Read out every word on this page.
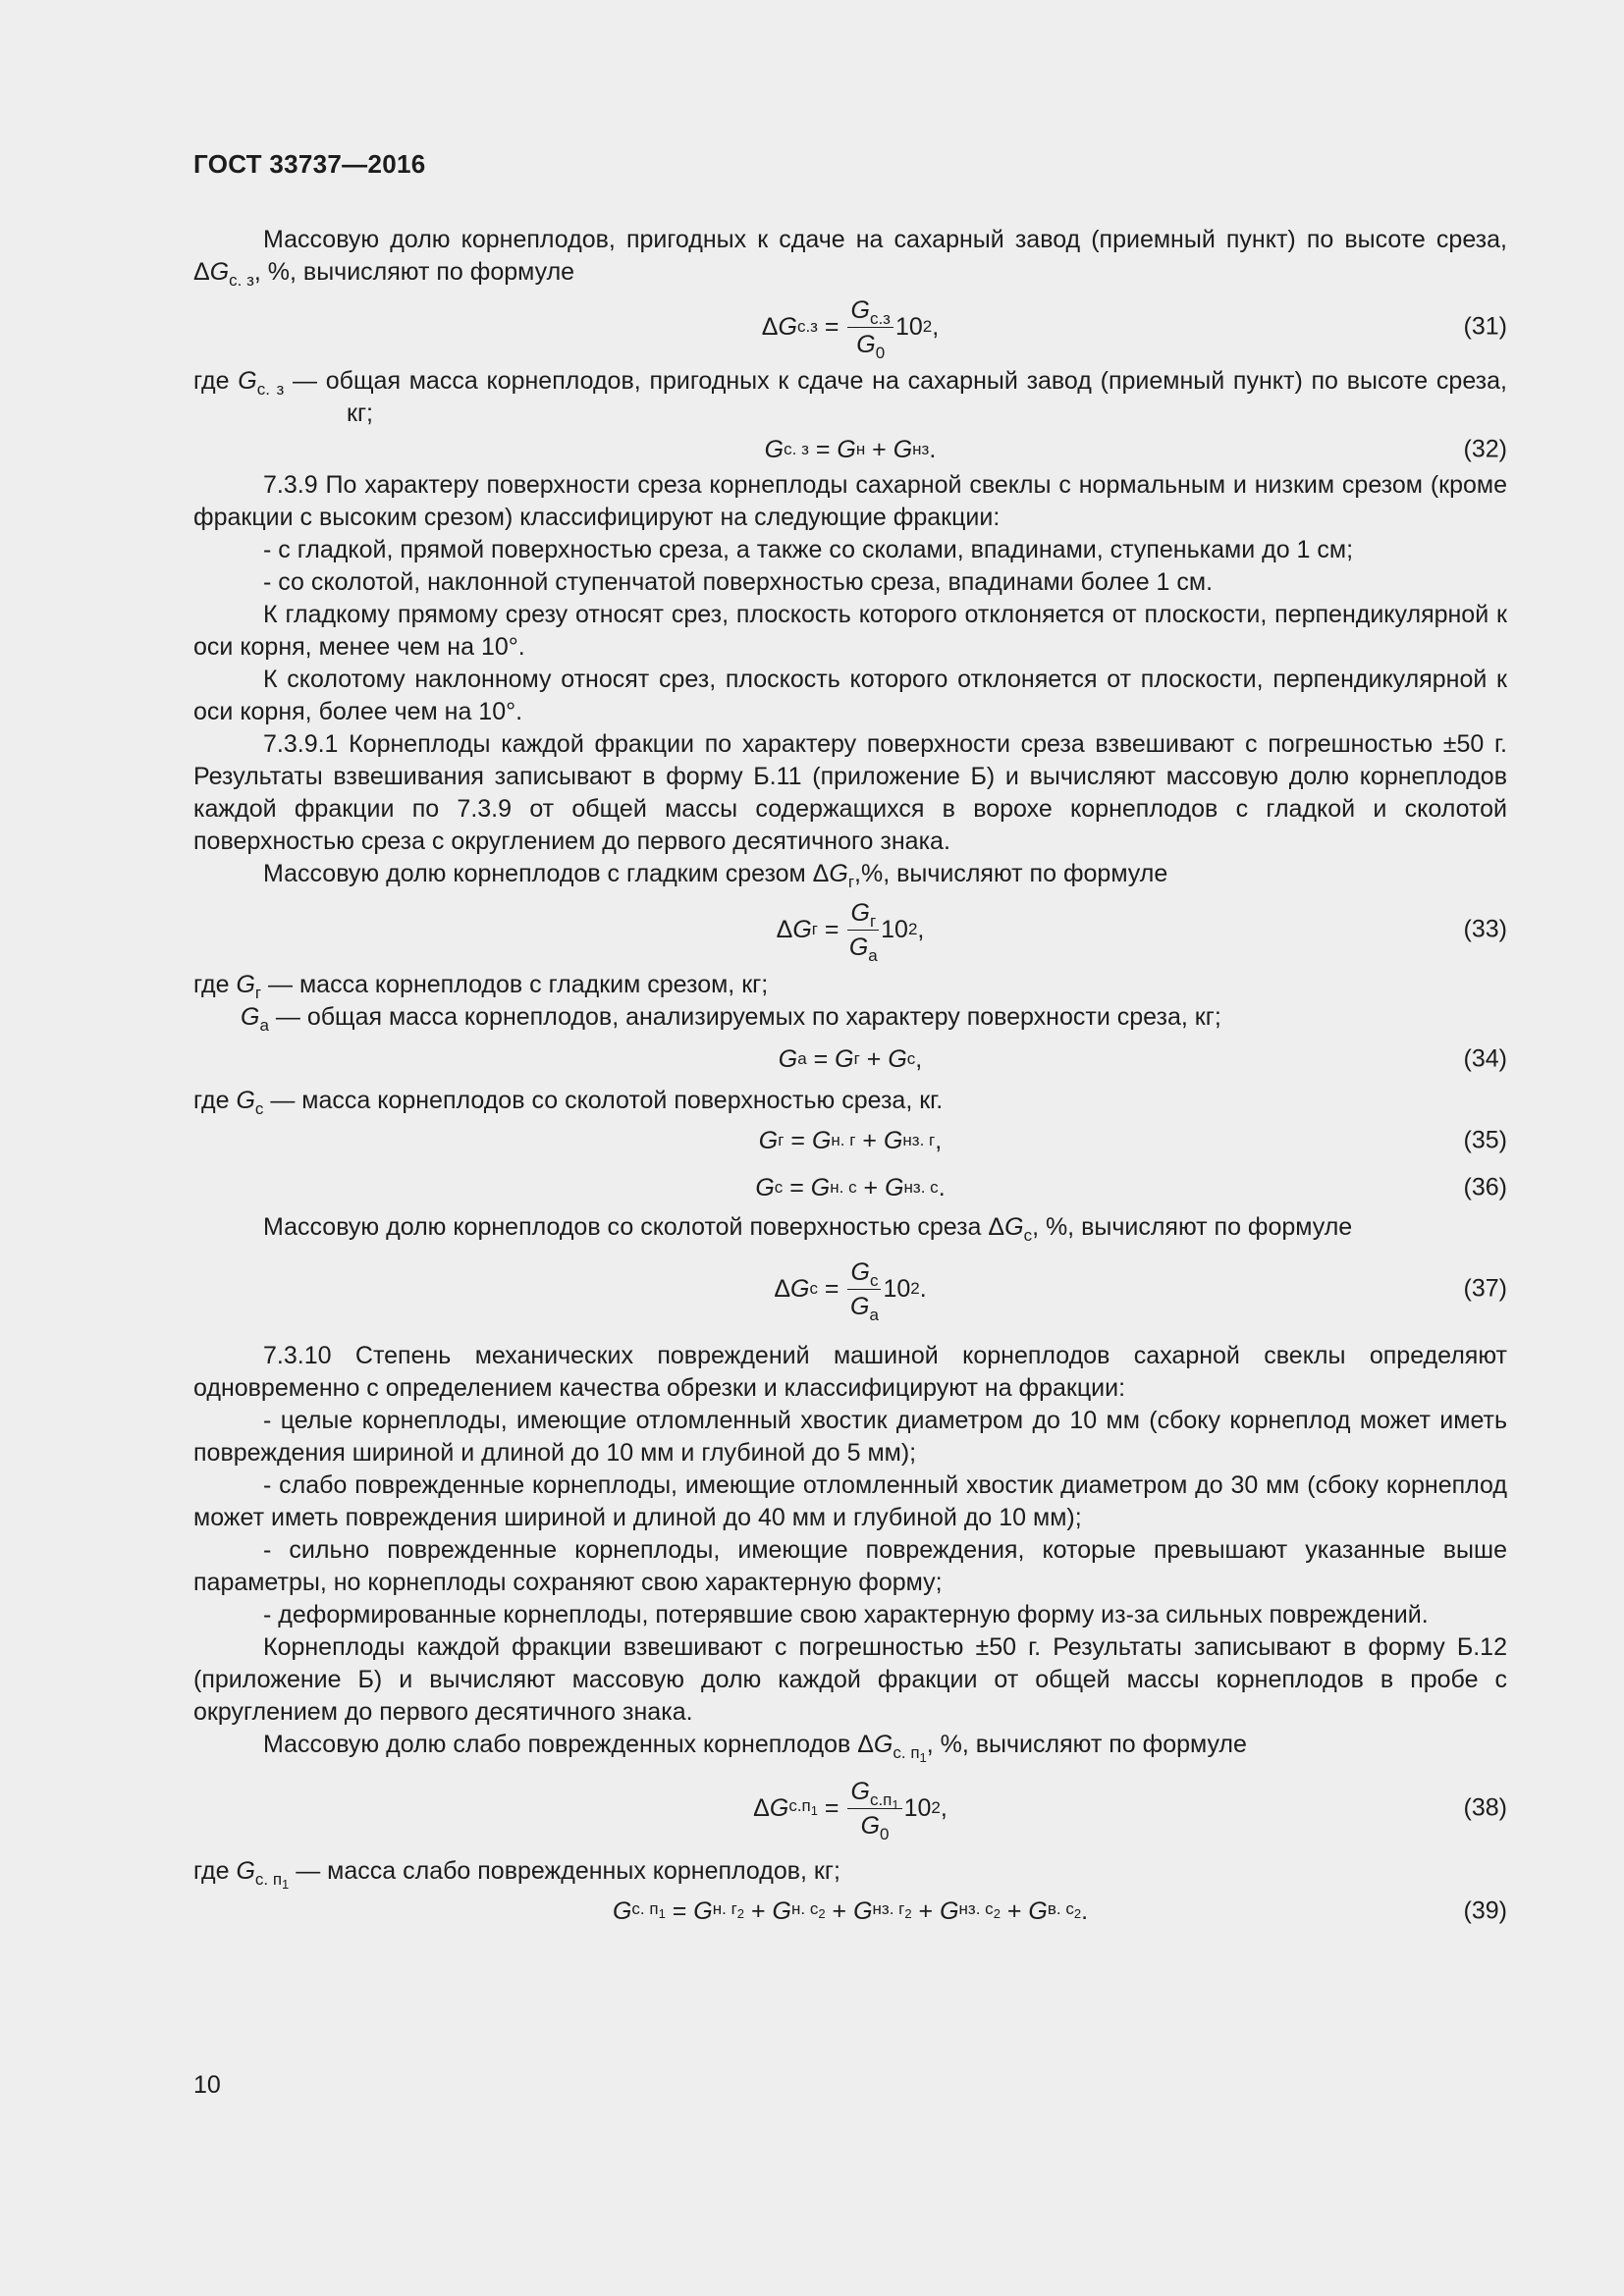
ГОСТ 33737—2016

Массовую долю корнеплодов, пригодных к сдаче на сахарный завод (приемный пункт) по высоте среза, $\Delta G_{с. з}$, %, вычисляют по формуле

Δ G $с.з = \frac{G_{с.з}}{G_0} 10$ 2 ,	(31)

где $G_{с. з}$ — общая масса корнеплодов, пригодных к сдаче на сахарный завод (приемный пункт) по высоте среза, кг;

G с. з = G н + G нз .	(32)

7.3.9 По характеру поверхности среза корнеплоды сахарной свеклы с нормальным и низким срезом (кроме фракции с высоким срезом) классифицируют на следующие фракции:

- с гладкой, прямой поверхностью среза, а также со сколами, впадинами, ступеньками до 1 см;

- со сколотой, наклонной ступенчатой поверхностью среза, впадинами более 1 см.

К гладкому прямому срезу относят срез, плоскость которого отклоняется от плоскости, перпендикулярной к оси корня, менее чем на 10°.

К сколотому наклонному относят срез, плоскость которого отклоняется от плоскости, перпендикулярной к оси корня, более чем на 10°.

7.3.9.1 Корнеплоды каждой фракции по характеру поверхности среза взвешивают с погрешностью ±50 г. Результаты взвешивания записывают в форму Б.11 (приложение Б) и вычисляют массовую долю корнеплодов каждой фракции по 7.3.9 от общей массы содержащихся в ворохе корнеплодов с гладкой и сколотой поверхностью среза с округлением до первого десятичного знака.

Массовую долю корнеплодов с гладким срезом $\Delta G_г,\%$, вычисляют по формуле

Δ G $г = \frac{G_г}{G_a} 10$ 2 ,	(33)

где $G_г$ — масса корнеплодов с гладким срезом, кг;

$G_a$ — общая масса корнеплодов, анализируемых по характеру поверхности среза, кг;

G a = G г + G с ,	(34)

где $G_с$ — масса корнеплодов со сколотой поверхностью среза, кг.

G г = G н. г + G нз. г ,	(35)
G с = G н. с + G нз. с .	(36)

Массовую долю корнеплодов со сколотой поверхностью среза $\Delta G_с$, %, вычисляют по формуле

Δ G $с = \frac{G_с}{G_a} 10$ 2 .	(37)

7.3.10 Степень механических повреждений машиной корнеплодов сахарной свеклы определяют одновременно с определением качества обрезки и классифицируют на фракции:

- целые корнеплоды, имеющие отломленный хвостик диаметром до 10 мм (сбоку корнеплод может иметь повреждения шириной и длиной до 10 мм и глубиной до 5 мм);

- слабо поврежденные корнеплоды, имеющие отломленный хвостик диаметром до 30 мм (сбоку корнеплод может иметь повреждения шириной и длиной до 40 мм и глубиной до 10 мм);

- сильно поврежденные корнеплоды, имеющие повреждения, которые превышают указанные выше параметры, но корнеплоды сохраняют свою характерную форму;

- деформированные корнеплоды, потерявшие свою характерную форму из-за сильных повреждений.

Корнеплоды каждой фракции взвешивают с погрешностью ±50 г. Результаты записывают в форму Б.12 (приложение Б) и вычисляют массовую долю каждой фракции от общей массы корнеплодов в пробе с округлением до первого десятичного знака.

Массовую долю слабо поврежденных корнеплодов $\Delta G_{с. п_1}$, %, вычисляют по формуле

Δ G $с.п_1 = \frac{G_{с.п_1}}{G_0} 10$ 2 ,	(38)

где $G_{с. п_1}$ — масса слабо поврежденных корнеплодов, кг;

G с. $п_1 = G$ н. $г_2 + G$ н. $с_2 + G$ нз. $г_2 + G$ нз. $с_2 + G$ в. $с_2$ .	(39)
10
